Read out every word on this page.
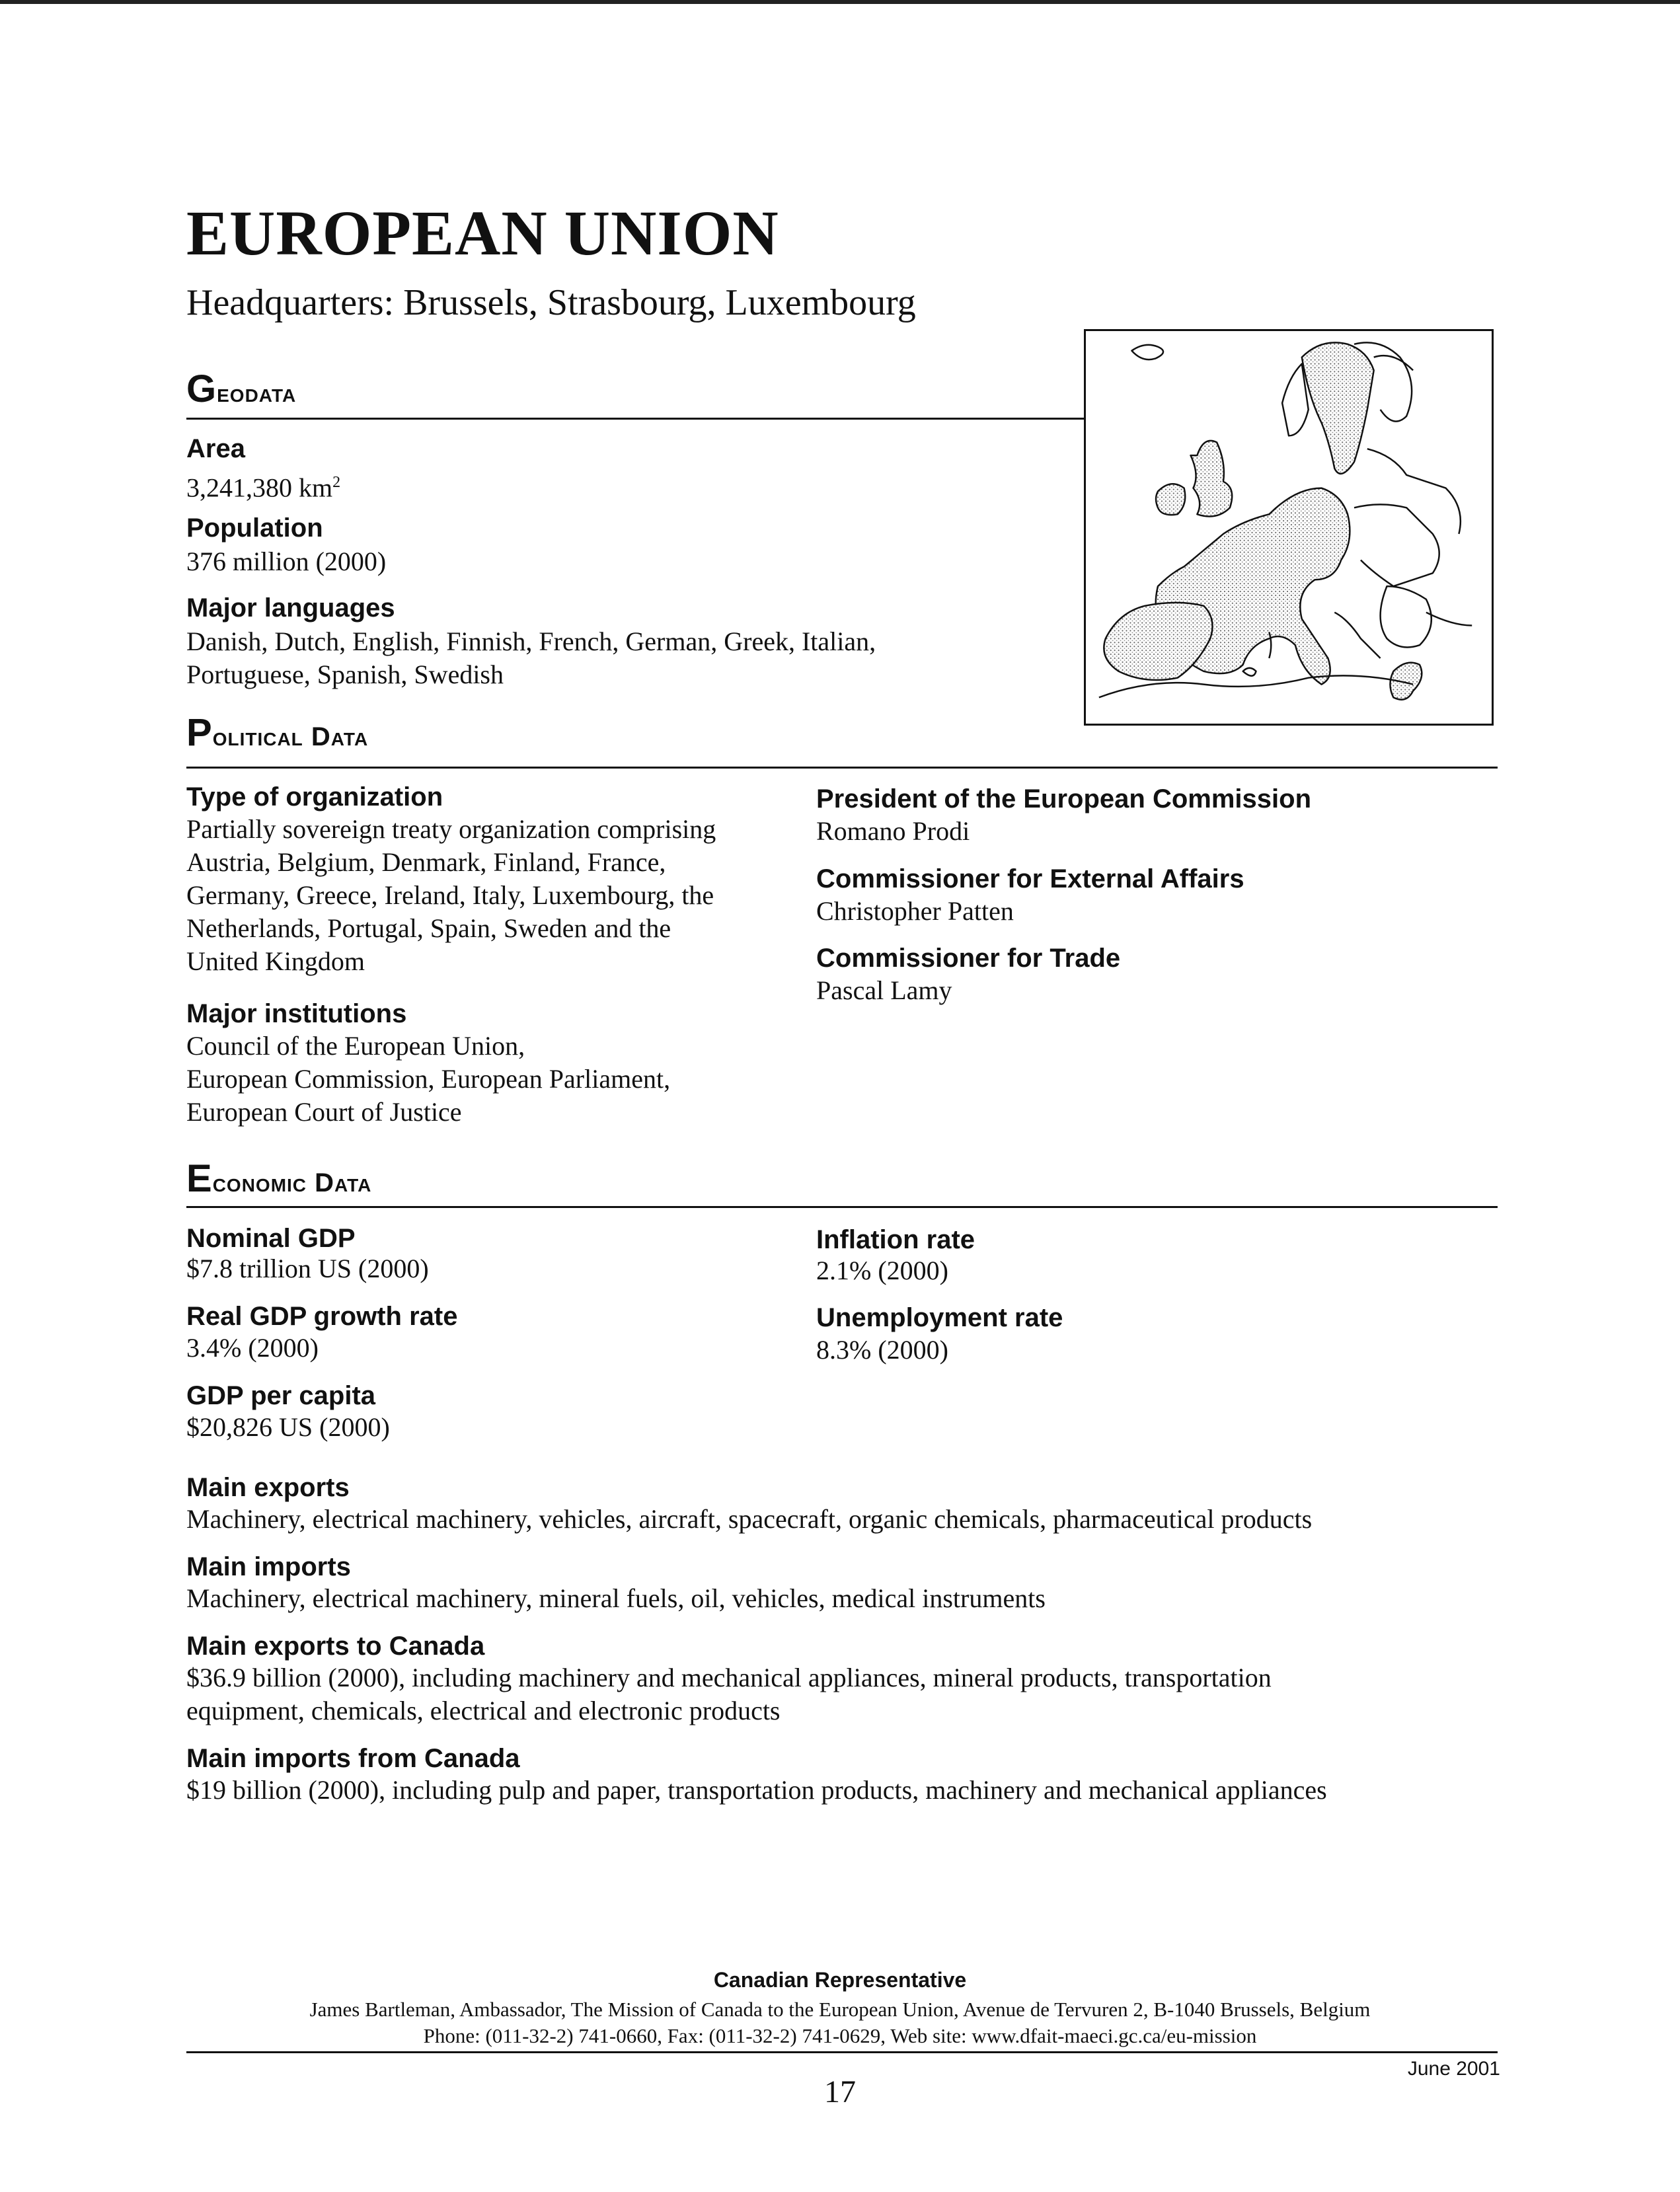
EUROPEAN UNION
Headquarters: Brussels, Strasbourg, Luxembourg
Geodata
Area
3,241,380 $km^2$
Population
376 million (2000)
Major languages
Danish, Dutch, English, Finnish, French, German, Greek, Italian,
Portuguese, Spanish, Swedish
Political Data
Type of organization
Partially sovereign treaty organization comprising
Austria, Belgium, Denmark, Finland, France,
Germany, Greece, Ireland, Italy, Luxembourg, the
Netherlands, Portugal, Spain, Sweden and the
United Kingdom
Major institutions
Council of the European Union,
European Commission, European Parliament,
European Court of Justice
President of the European Commission
Romano Prodi
Commissioner for External Affairs
Christopher Patten
Commissioner for Trade
Pascal Lamy
Economic Data
Nominal GDP
$7.8 trillion US (2000)
Real GDP growth rate
3.4% (2000)
GDP per capita
$20,826 US (2000)
Inflation rate
2.1% (2000)
Unemployment rate
8.3% (2000)
Main exports
Machinery, electrical machinery, vehicles, aircraft, spacecraft, organic chemicals, pharmaceutical products
Main imports
Machinery, electrical machinery, mineral fuels, oil, vehicles, medical instruments
Main exports to Canada
$36.9 billion (2000), including machinery and mechanical appliances, mineral products, transportation
equipment, chemicals, electrical and electronic products
Main imports from Canada
$19 billion (2000), including pulp and paper, transportation products, machinery and mechanical appliances
Canadian Representative
James Bartleman, Ambassador, The Mission of Canada to the European Union, Avenue de Tervuren 2, B-1040 Brussels, Belgium
Phone: (011-32-2) 741-0660, Fax: (011-32-2) 741-0629, Web site: www.dfait-maeci.gc.ca/eu-mission
June 2001
17
